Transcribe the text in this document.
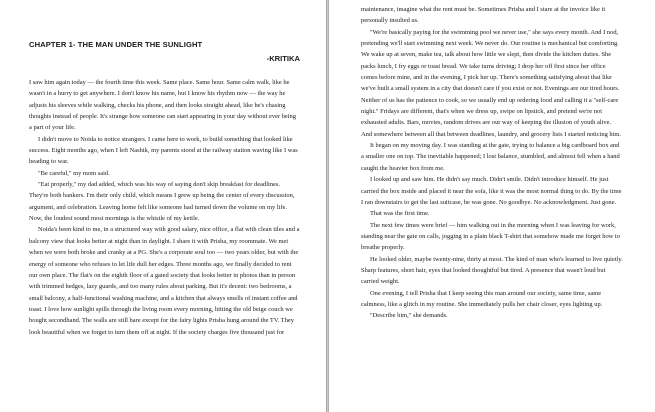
CHAPTER 1- THE MAN UNDER THE SUNLIGHT
-KRITIKA

I saw him again today — the fourth time this week. Same place. Same hour. Same calm walk, like he wasn't in a hurry to get anywhere. I don't know his name, but I know his rhythm now — the way he adjusts his sleeves while walking, checks his phone, and then looks straight ahead, like he's chasing thoughts instead of people. It's strange how someone can start appearing in your day without ever being a part of your life.

I didn't move to Noida to notice strangers. I came here to work, to build something that looked like success. Eight months ago, when I left Nashik, my parents stood at the railway station waving like I was heading to war.

"Be careful," my mom said.

"Eat properly," my dad added, which was his way of saying don't skip breakfast for deadlines. They're both bankers. I'm their only child, which means I grew up being the center of every discussion, argument, and celebration. Leaving home felt like someone had turned down the volume on my life. Now, the loudest sound most mornings is the whistle of my kettle.

Noida's been kind to me, in a structured way with good salary, nice office, a flat with clean tiles and a balcony view that looks better at night than in daylight. I share it with Prisha, my roommate. We met when we were both broke and cranky at a PG. She's a corporate soul too — two years older, but with the energy of someone who refuses to let life dull her edges. Three months ago, we finally decided to rent our own place. The flat's on the eighth floor of a gated society that looks better in photos than in person with trimmed hedges, lazy guards, and too many rules about parking. But it's decent: two bedrooms, a small balcony, a half-functional washing machine, and a kitchen that always smells of instant coffee and toast. I love how sunlight spills through the living room every morning, hitting the old beige couch we bought secondhand. The walls are still bare except for the fairy lights Prisha hung around the TV. They look beautiful when we forget to turn them off at night. If the society charges five thousand just for

maintenance, imagine what the rent must be. Sometimes Prisha and I stare at the invoice like it personally insulted us.

"We're basically paying for the swimming pool we never use," she says every month. And I nod, pretending we'll start swimming next week. We never do. Our routine is mechanical but comforting. We wake up at seven, make tea, talk about how little we slept, then divide the kitchen duties. She packs lunch, I fry eggs or toast bread. We take turns driving; I drop her off first since her office comes before mine, and in the evening, I pick her up. There's something satisfying about that like we've built a small system in a city that doesn't care if you exist or not. Evenings are our tired hours. Neither of us has the patience to cook, so we usually end up ordering food and calling it a "self-care night." Fridays are different, that's when we dress up, swipe on lipstick, and pretend we're not exhausted adults. Bars, movies, random drives are our way of keeping the illusion of youth alive. And somewhere between all that between deadlines, laundry, and grocery lists I started noticing him.

It began on my moving day. I was standing at the gate, trying to balance a big cardboard box and a smaller one on top. The inevitable happened; I lost balance, stumbled, and almost fell when a hand caught the heavier box from me.

I looked up and saw him. He didn't say much. Didn't smile. Didn't introduce himself. He just carried the box inside and placed it near the sofa, like it was the most normal thing to do. By the time I ran downstairs to get the last suitcase, he was gone. No goodbye. No acknowledgment. Just gone.

That was the first time.

The next few times were brief — him walking out in the morning when I was leaving for work, standing near the gate on calls, jogging in a plain black T-shirt that somehow made me forget how to breathe properly.

He looked older, maybe twenty-nine, thirty at most. The kind of man who's learned to live quietly. Sharp features, short hair, eyes that looked thoughtful but tired. A presence that wasn't loud but carried weight.

One evening, I tell Prisha that I keep seeing this man around our society, same time, same calmness, like a glitch in my routine. She immediately pulls her chair closer, eyes lighting up.

"Describe him," she demands.
